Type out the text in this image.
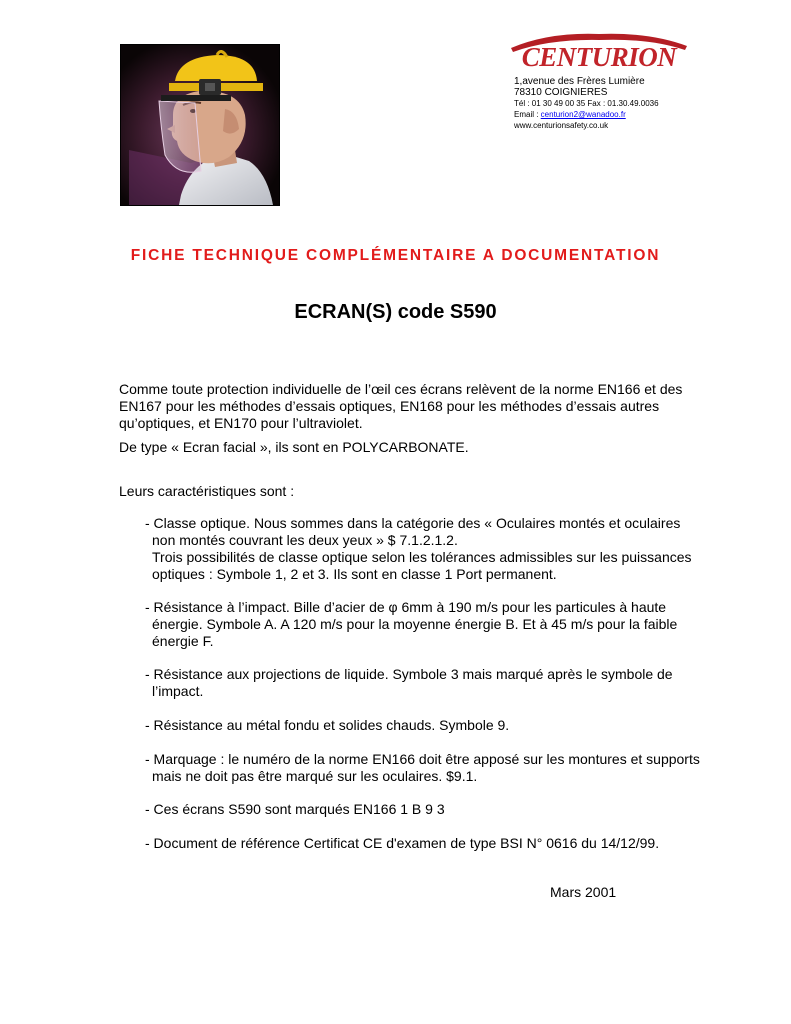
CENTURION
1,avenue des Frères Lumière
78310 COIGNIERES
Tél : 01 30 49 00 35 Fax : 01.30.49.0036
Email : centurion2@wanadoo.fr
www.centurionsafety.co.uk
FICHE TECHNIQUE COMPLÉMENTAIRE A DOCUMENTATION
ECRAN(S) code S590
Comme toute protection individuelle de l’œil ces écrans relèvent de la norme EN166 et des
EN167 pour les méthodes d’essais optiques, EN168 pour les méthodes d’essais autres
qu’optiques, et EN170 pour l’ultraviolet.
De type « Ecran facial », ils sont en POLYCARBONATE.
Leurs caractéristiques sont :
- Classe optique. Nous sommes dans la catégorie des « Oculaires montés et oculaires
non montés couvrant les deux yeux » $ 7.1.2.1.2.
Trois possibilités de classe optique selon les tolérances admissibles sur les puissances
optiques : Symbole 1, 2 et 3. Ils sont en classe 1 Port permanent.
- Résistance à l’impact. Bille d’acier de φ 6mm à 190 m/s pour les particules à haute
énergie. Symbole A. A 120 m/s pour la moyenne énergie B. Et à 45 m/s pour la faible
énergie F.
- Résistance aux projections de liquide. Symbole 3 mais marqué après le symbole de
l’impact.
- Résistance au métal fondu et solides chauds. Symbole 9.
- Marquage : le numéro de la norme EN166 doit être apposé sur les montures et supports
mais ne doit pas être marqué sur les oculaires. $9.1.
- Ces écrans S590 sont marqués EN166 1 B 9 3
- Document de référence Certificat CE d'examen de type BSI N° 0616 du 14/12/99.
Mars 2001
